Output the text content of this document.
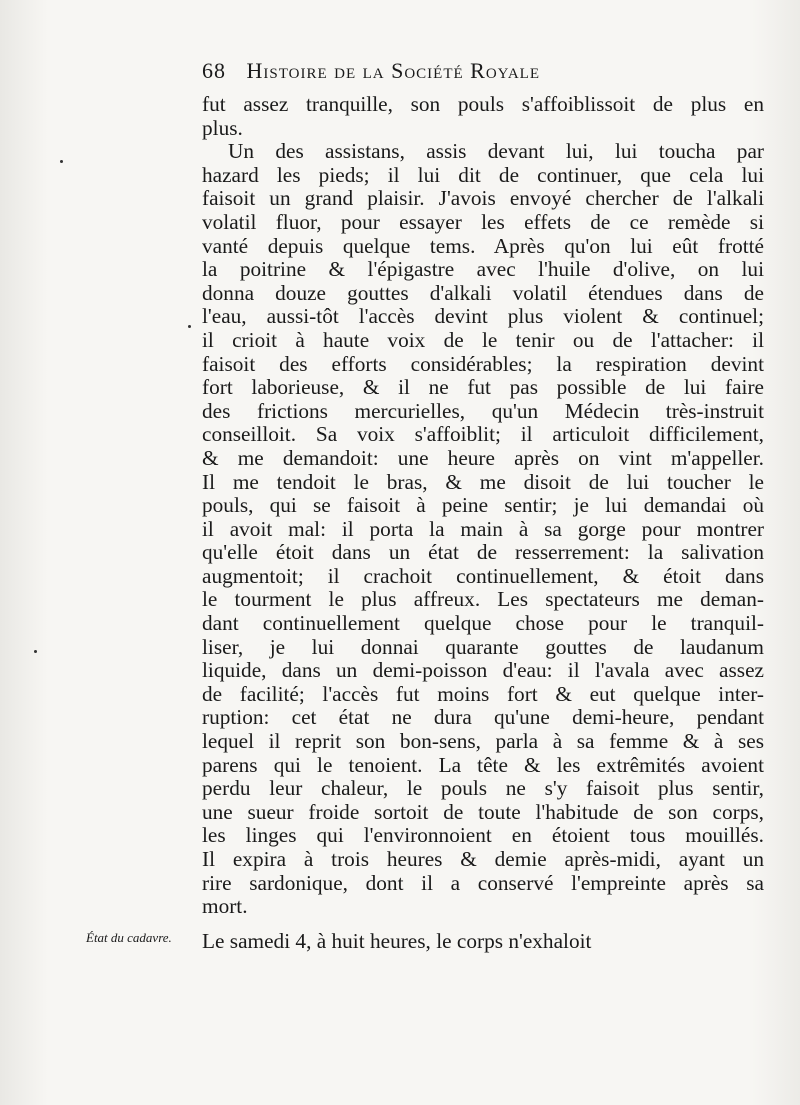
68 Histoire de la Société Royale
fut assez tranquille, son pouls s'affoiblissoit de plus en
plus.
Un des assistans, assis devant lui, lui toucha par
hazard les pieds; il lui dit de continuer, que cela lui
faisoit un grand plaisir. J'avois envoyé chercher de l'alkali
volatil fluor, pour essayer les effets de ce remède si
vanté depuis quelque tems. Après qu'on lui eût frotté
la poitrine & l'épigastre avec l'huile d'olive, on lui
donna douze gouttes d'alkali volatil étendues dans de
l'eau, aussi-tôt l'accès devint plus violent & continuel;
il crioit à haute voix de le tenir ou de l'attacher: il
faisoit des efforts considérables; la respiration devint
fort laborieuse, & il ne fut pas possible de lui faire
des frictions mercurielles, qu'un Médecin très-instruit
conseilloit. Sa voix s'affoiblit; il articuloit difficilement,
& me demandoit: une heure après on vint m'appeller.
Il me tendoit le bras, & me disoit de lui toucher le
pouls, qui se faisoit à peine sentir; je lui demandai où
il avoit mal: il porta la main à sa gorge pour montrer
qu'elle étoit dans un état de resserrement: la salivation
augmentoit; il crachoit continuellement, & étoit dans
le tourment le plus affreux. Les spectateurs me deman-
dant continuellement quelque chose pour le tranquil-
liser, je lui donnai quarante gouttes de laudanum
liquide, dans un demi-poisson d'eau: il l'avala avec assez
de facilité; l'accès fut moins fort & eut quelque inter-
ruption: cet état ne dura qu'une demi-heure, pendant
lequel il reprit son bon-sens, parla à sa femme & à ses
parens qui le tenoient. La tête & les extrêmités avoient
perdu leur chaleur, le pouls ne s'y faisoit plus sentir,
une sueur froide sortoit de toute l'habitude de son corps,
les linges qui l'environnoient en étoient tous mouillés.
Il expira à trois heures & demie après-midi, ayant un
rire sardonique, dont il a conservé l'empreinte après sa
mort.
État du cadavre. Le samedi 4, à huit heures, le corps n'exhaloit
